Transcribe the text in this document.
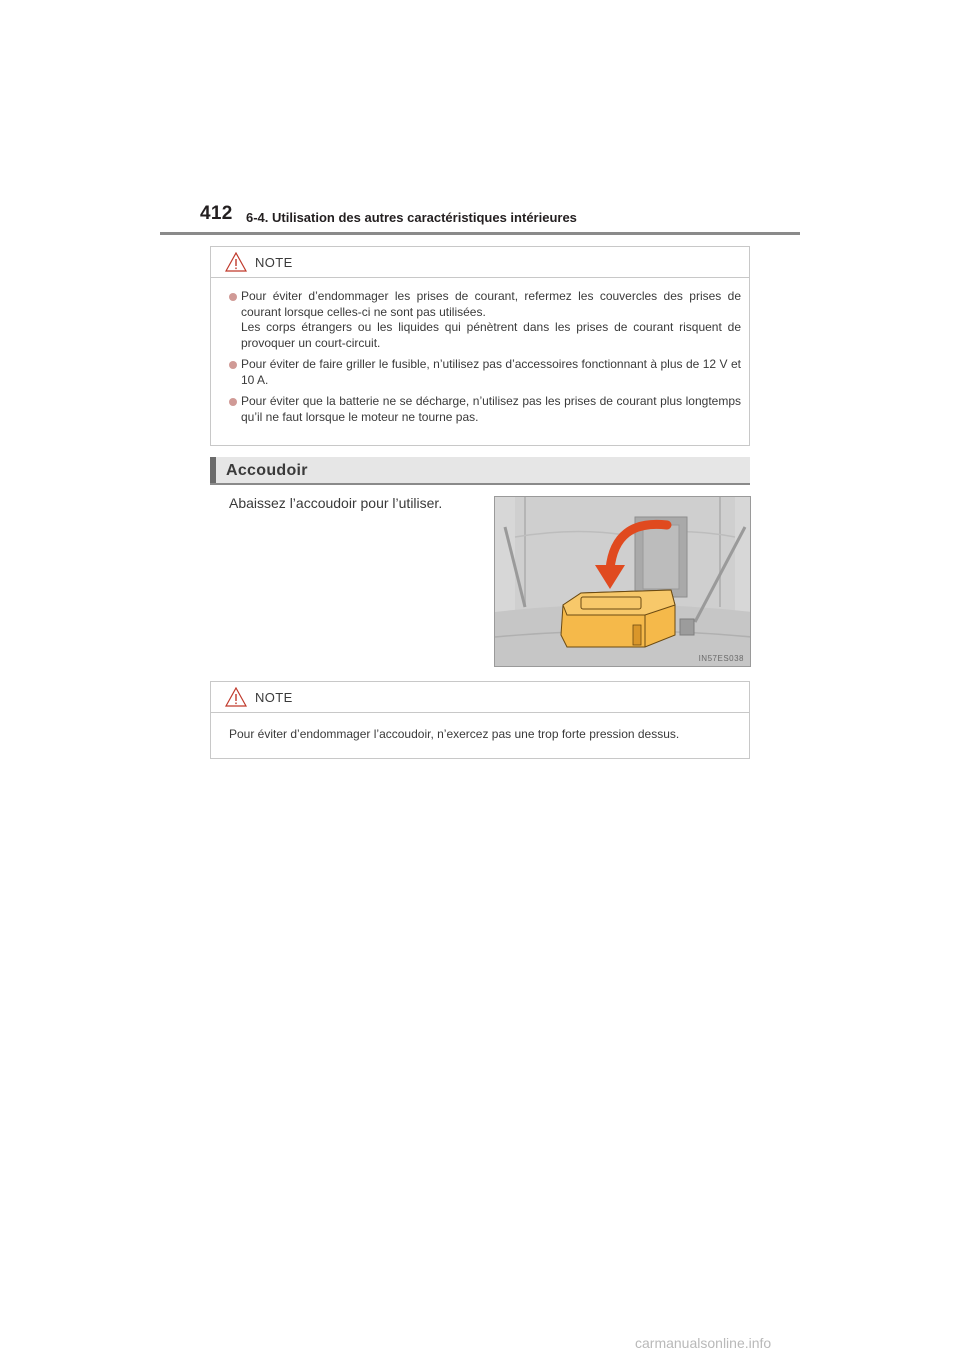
412 6-4. Utilisation des autres caractéristiques intérieures
NOTE

Pour éviter d’endommager les prises de courant, refermez les couvercles des prises de courant lorsque celles-ci ne sont pas utilisées.

Les corps étrangers ou les liquides qui pénètrent dans les prises de courant risquent de provoquer un court-circuit.

Pour éviter de faire griller le fusible, n’utilisez pas d’accessoires fonctionnant à plus de 12 V et 10 A.

Pour éviter que la batterie ne se décharge, n’utilisez pas les prises de courant plus longtemps qu’il ne faut lorsque le moteur ne tourne pas.

Accoudoir
Abaissez l’accoudoir pour l’utiliser.
IN57ES038
NOTE
Pour éviter d’endommager l’accoudoir, n’exercez pas une trop forte pression dessus.
carmanualsonline.info
